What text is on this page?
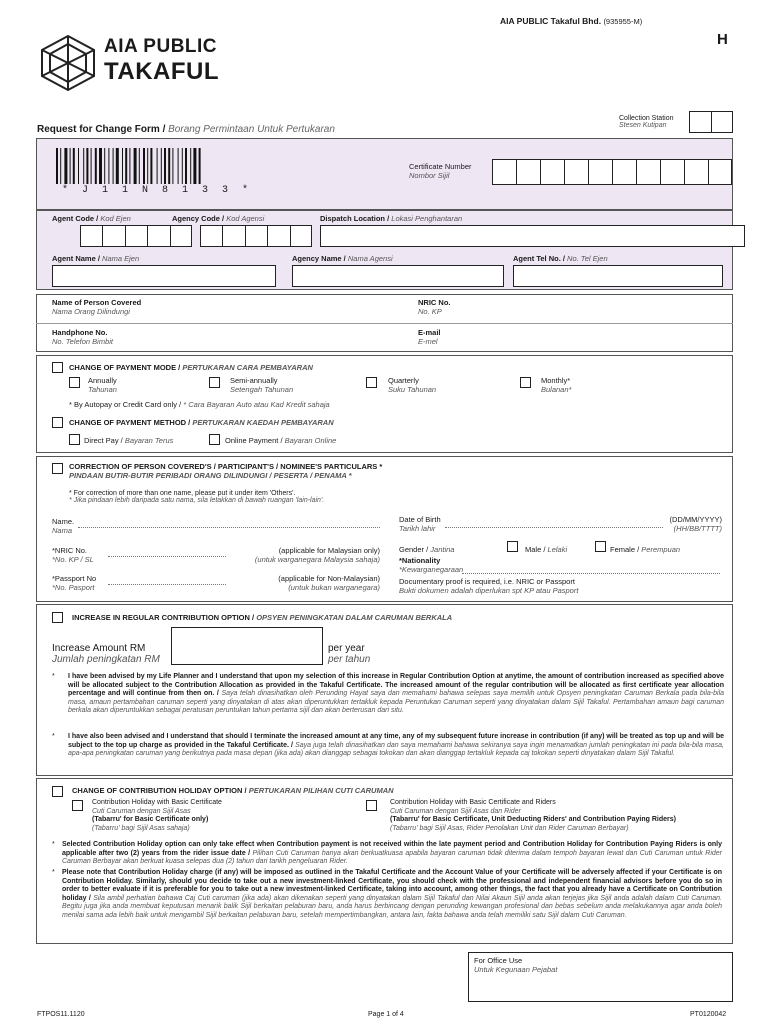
AIA PUBLIC Takaful Bhd. (935955-M)
H
AIA PUBLIC
TAKAFUL
Request for Change Form / Borang Permintaan Untuk Pertukaran
Collection Station
Stesen Kutipan
* J 1 1 N 8 1 3 3 *
Certificate Number
Nombor Sijil
Agent Code / Kod Ejen	Agency Code / Kod Agensi	Dispatch Location / Lokasi Penghantaran
Agent Name / Nama Ejen	Agency Name / Nama Agensi	Agent Tel No. / No. Tel Ejen
Name of Person Covered
Nama Orang Dilindungi
NRIC No.
No. KP
Handphone No.
No. Telefon Bimbit
E-mail
E-mel
CHANGE OF PAYMENT MODE / PERTUKARAN CARA PEMBAYARAN
Annually
Tahunan
Semi-annually
Setengah Tahunan
Quarterly
Suku Tahunan
Monthly*
Bulanan*
* By Autopay or Credit Card only / * Cara Bayaran Auto atau Kad Kredit sahaja
CHANGE OF PAYMENT METHOD / PERTUKARAN KAEDAH PEMBAYARAN
Direct Pay / Bayaran Terus	Online Payment / Bayaran Online
CORRECTION OF PERSON COVERED'S / PARTICIPANT'S / NOMINEE'S PARTICULARS *
PINDAAN BUTIR-BUTIR PERIBADI ORANG DILINDUNGI / PESERTA / PENAMA *
* For correction of more than one name, please put it under item 'Others'.
* Jika pindaan lebih daripada satu nama, sila letakkan di bawah ruangan 'lain-lain'.
Name.
Nama
Date of Birth
Tarikh lahir
(DD/MM/YYYY)
(HH/BB/TTTT)
*NRIC No.
*No. KP / SL
(applicable for Malaysian only)
(untuk warganegara Malaysia sahaja)
Gender / Jantina	Male / Lelaki	Female / Perempuan
*Nationality
*Kewarganegaraan
*Passport No
*No. Pasport
(applicable for Non-Malaysian)
(untuk bukan warganegara)
Documentary proof is required, i.e. NRIC or Passport
Bukti dokumen adalah diperlukan spt KP atau Pasport
INCREASE IN REGULAR CONTRIBUTION OPTION / OPSYEN PENINGKATAN DALAM CARUMAN BERKALA
Increase Amount RM
Jumlah peningkatan RM
per year
per tahun
* I have been advised by my Life Planner and I understand that upon my selection of this increase in Regular Contribution Option at anytime, the amount of contribution increased as specified above will be allocated subject to the Contribution Allocation as provided in the Takaful Certificate. The increased amount of the regular contribution will be allocated as first certificate year allocation percentage and will continue from then on. / Saya telah dinasihatkan oleh Perunding Hayat saya dan memahami bahawa selepas saya memilih untuk Opsyen peningkatan Caruman Berkala pada bila-bila masa, amaun pertambahan caruman seperti yang dinyatakan di atas akan diperuntukkan tertakluk kepada Peruntukan Caruman seperti yang dinyatakan dalam Sijil Takaful. Pertambahan amaun bagi caruman berkala akan diperuntukkan sebagai peratusan peruntukan tahun pertama sijil dan akan berterusan dari situ.
* I have also been advised and I understand that should I terminate the increased amount at any time, any of my subsequent future increase in contribution (if any) will be treated as top up and will be subject to the top up charge as provided in the Takaful Certificate. / Saya juga telah dinasihatkan dan saya memahami bahawa sekiranya saya ingin menamatkan jumlah peningkatan ini pada bila-bila masa, apa-apa peningkatan caruman yang berikutnya pada masa depan (jika ada) akan dianggap sebagai tokokan dan akan dianggap tertakluk kepada caj tokokan seperti dinyatakan dalam Sijil Takaful.
CHANGE OF CONTRIBUTION HOLIDAY OPTION / PERTUKARAN PILIHAN CUTI CARUMAN
Contribution Holiday with Basic Certificate
Cuti Caruman dengan Sijil Asas
(Tabarru' for Basic Certificate only)
(Tabarru' bagi Sijil Asas sahaja)
Contribution Holiday with Basic Certificate and Riders
Cuti Caruman dengan Sijil Asas dan Rider
(Tabarru' for Basic Certificate, Unit Deducting Riders' and Contribution Paying Riders)
(Tabarru' bagi Sijil Asas, Rider Penolakan Unit dan Rider Caruman Berbayar)
* Selected Contribution Holiday option can only take effect when Contribution payment is not received within the late payment period and Contribution Holiday for Contribution Paying Riders is only applicable after two (2) years from the rider issue date / Pilihan Cuti Caruman hanya akan berkuatkuasa apabila bayaran caruman tidak diterima dalam tempoh bayaran lewat dan Cuti Caruman untuk Rider Caruman Berbayar akan berkuat kuasa selepas dua (2) tahun dari tarikh pengeluaran Rider.
* Please note that Contribution Holiday charge (if any) will be imposed as outlined in the Takaful Certificate and the Account Value of your Certificate will be adversely affected if your Certificate is on Contribution Holiday. Similarly, should you decide to take out a new investment-linked Certificate, you should check with the professional and independent financial advisors before you do so in order to better evaluate if it is preferable for you to take out a new investment-linked Certificate, taking into account, among other things, the fact that you already have a Certificate on Contribution holiday / Sila ambil perhatian bahawa Caj Cuti caruman (jika ada) akan dikenakan seperti yang dinyatakan dalam Sijil Takaful dan Nilai Akaun Sijil anda akan terjejas jika Sijil anda adalah dalam Cuti Caruman. Begitu juga jika anda membuat keputusan menarik balik Sijil berkaitan pelaburan baru, anda harus berbincang dengan perunding kewangan profesional dan bebas sebelum anda melakukannya agar anda boleh menilai sama ada lebih baik untuk mengambil Sijil berkaitan pelaburan baru, setelah mempertimbangkan, antara lain, fakta bahawa anda telah memiliki satu Sijil dalam Cuti Caruman.
For Office Use
Untuk Kegunaan Pejabat
FTPOS11.1120	Page 1 of 4	PT0120042
